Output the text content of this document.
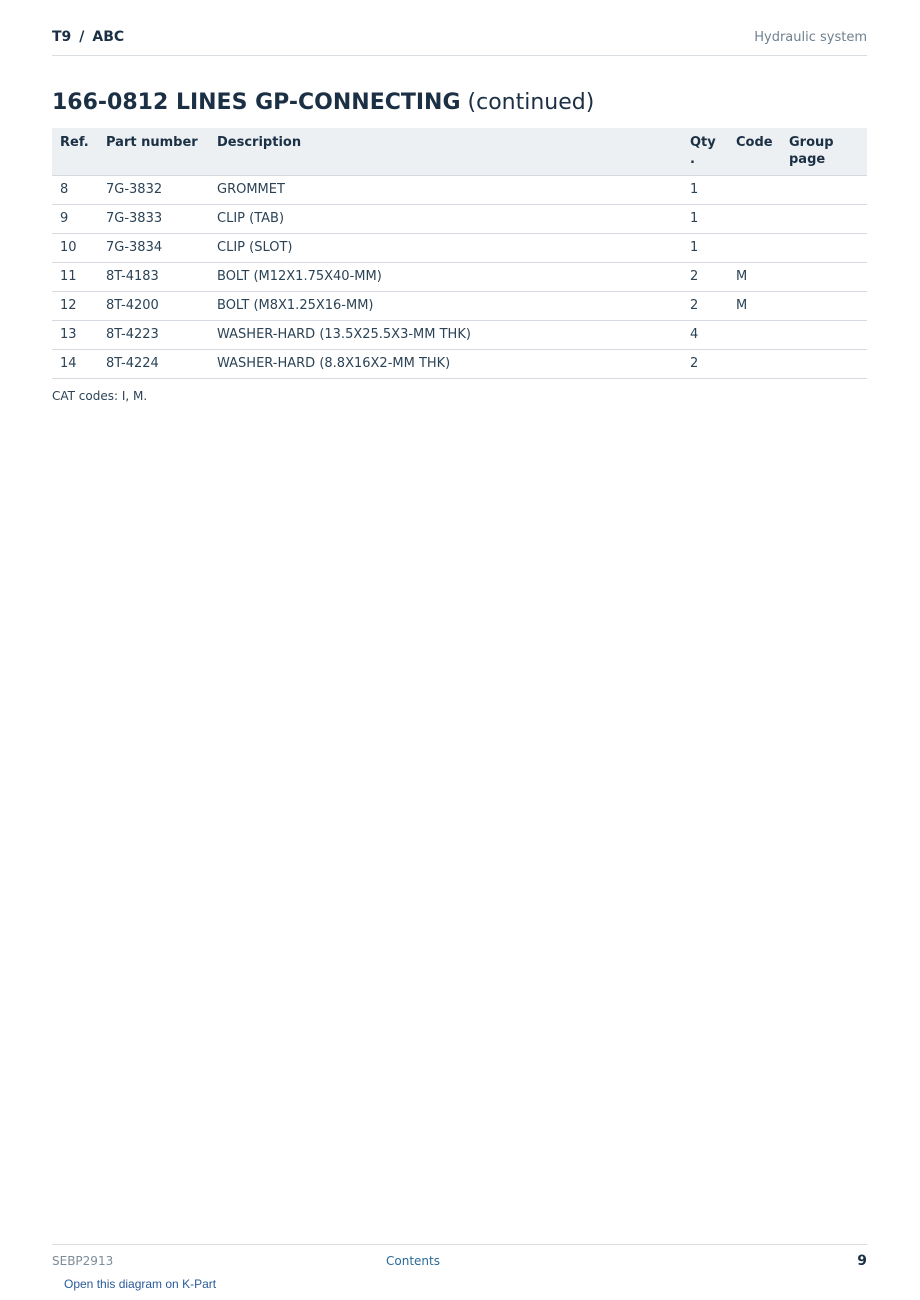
T9 / ABC	Hydraulic system
166-0812 LINES GP-CONNECTING (continued)
Ref.	Part number	Description	Qty .	Code	Group page
8	7G-3832	GROMMET	1		
9	7G-3833	CLIP (TAB)	1		
10	7G-3834	CLIP (SLOT)	1		
11	8T-4183	BOLT (M12X1.75X40-MM)	2	M	
12	8T-4200	BOLT (M8X1.25X16-MM)	2	M	
13	8T-4223	WASHER-HARD (13.5X25.5X3-MM THK)	4		
14	8T-4224	WASHER-HARD (8.8X16X2-MM THK)	2		
CAT codes: I, M.
SEBP2913	Contents	9
Open this diagram on K-Part
